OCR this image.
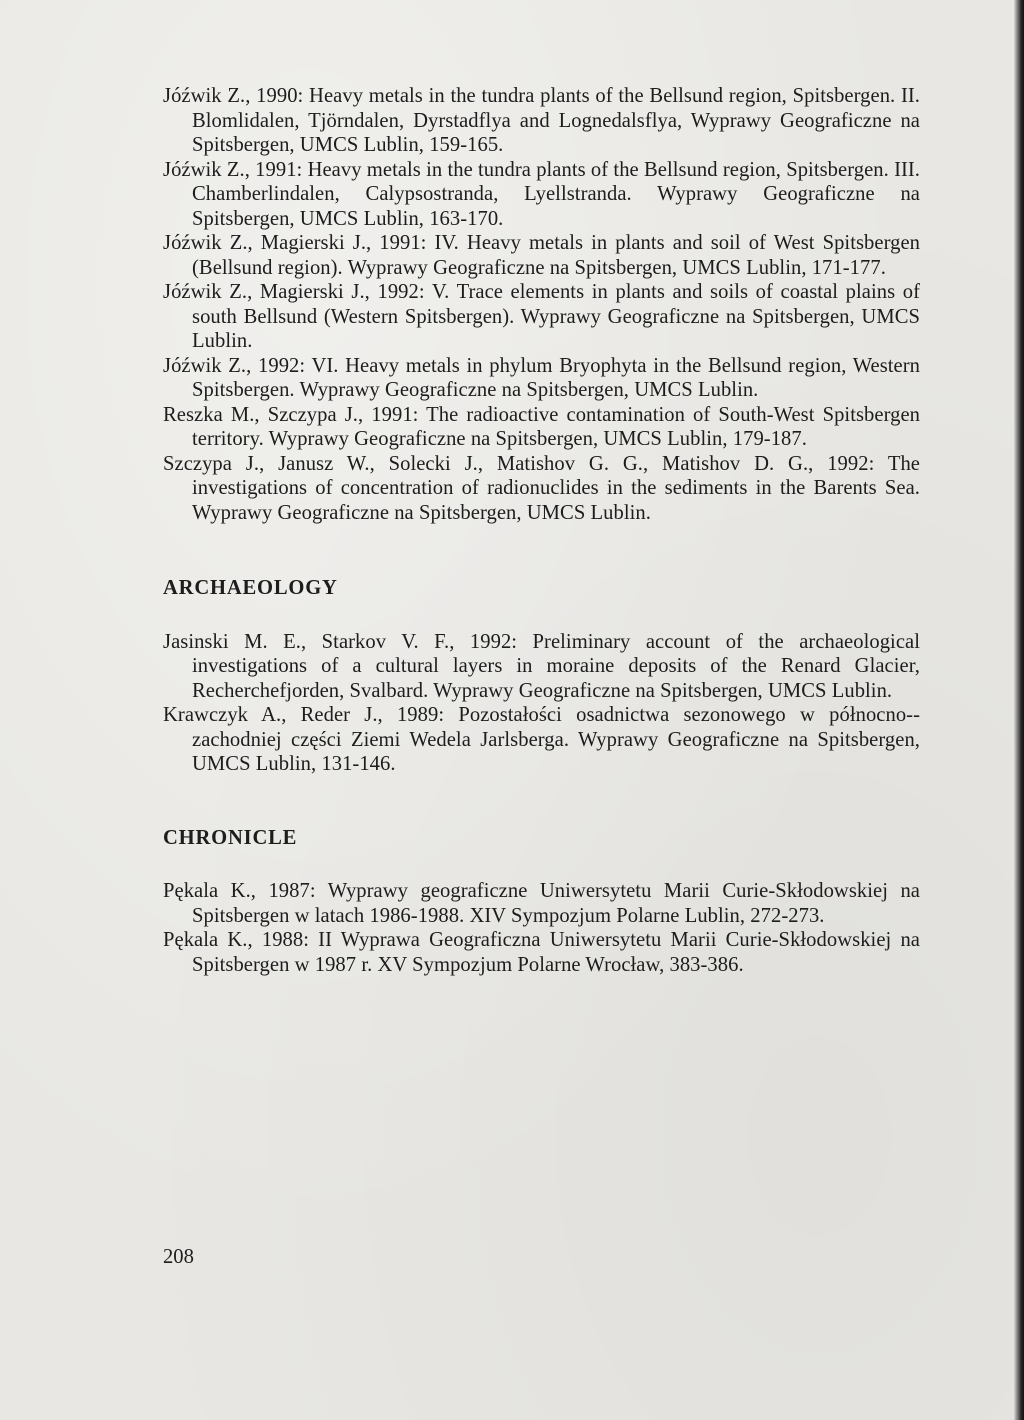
Jóźwik Z., 1990: Heavy metals in the tundra plants of the Bellsund region, Spitsbergen. II. Blomlidalen, Tjörndalen, Dyrstadflya and Lognedalsflya, Wyprawy Geograficzne na Spitsbergen, UMCS Lublin, 159-165.

Jóźwik Z., 1991: Heavy metals in the tundra plants of the Bellsund region, Spitsbergen. III. Chamberlindalen, Calypsostranda, Lyellstranda. Wyprawy Geograficzne na Spitsbergen, UMCS Lublin, 163-170.

Jóźwik Z., Magierski J., 1991: IV. Heavy metals in plants and soil of West Spitsbergen (Bellsund region). Wyprawy Geograficzne na Spitsbergen, UMCS Lublin, 171-177.

Jóźwik Z., Magierski J., 1992: V. Trace elements in plants and soils of coastal plains of south Bellsund (Western Spitsbergen). Wyprawy Geograficzne na Spitsbergen, UMCS Lublin.

Jóźwik Z., 1992: VI. Heavy metals in phylum Bryophyta in the Bellsund region, Western Spitsbergen. Wyprawy Geograficzne na Spitsbergen, UMCS Lublin.

Reszka M., Szczypa J., 1991: The radioactive contamination of South-West Spitsbergen territory. Wyprawy Geograficzne na Spitsbergen, UMCS Lublin, 179-187.

Szczypa J., Janusz W., Solecki J., Matishov G. G., Matishov D. G., 1992: The investigations of concentration of radionuclides in the sediments in the Barents Sea. Wyprawy Geograficzne na Spitsbergen, UMCS Lublin.

ARCHAEOLOGY

Jasinski M. E., Starkov V. F., 1992: Preliminary account of the archaeological investigations of a cultural layers in moraine deposits of the Renard Glacier, Recherchefjorden, Svalbard. Wyprawy Geograficzne na Spitsbergen, UMCS Lublin.

Krawczyk A., Reder J., 1989: Pozostałości osadnictwa sezonowego w północno--zachodniej części Ziemi Wedela Jarlsberga. Wyprawy Geograficzne na Spitsbergen, UMCS Lublin, 131-146.

CHRONICLE

Pękala K., 1987: Wyprawy geograficzne Uniwersytetu Marii Curie-Skłodowskiej na Spitsbergen w latach 1986-1988. XIV Sympozjum Polarne Lublin, 272-273.

Pękala K., 1988: II Wyprawa Geograficzna Uniwersytetu Marii Curie-Skłodowskiej na Spitsbergen w 1987 r. XV Sympozjum Polarne Wrocław, 383-386.

208
